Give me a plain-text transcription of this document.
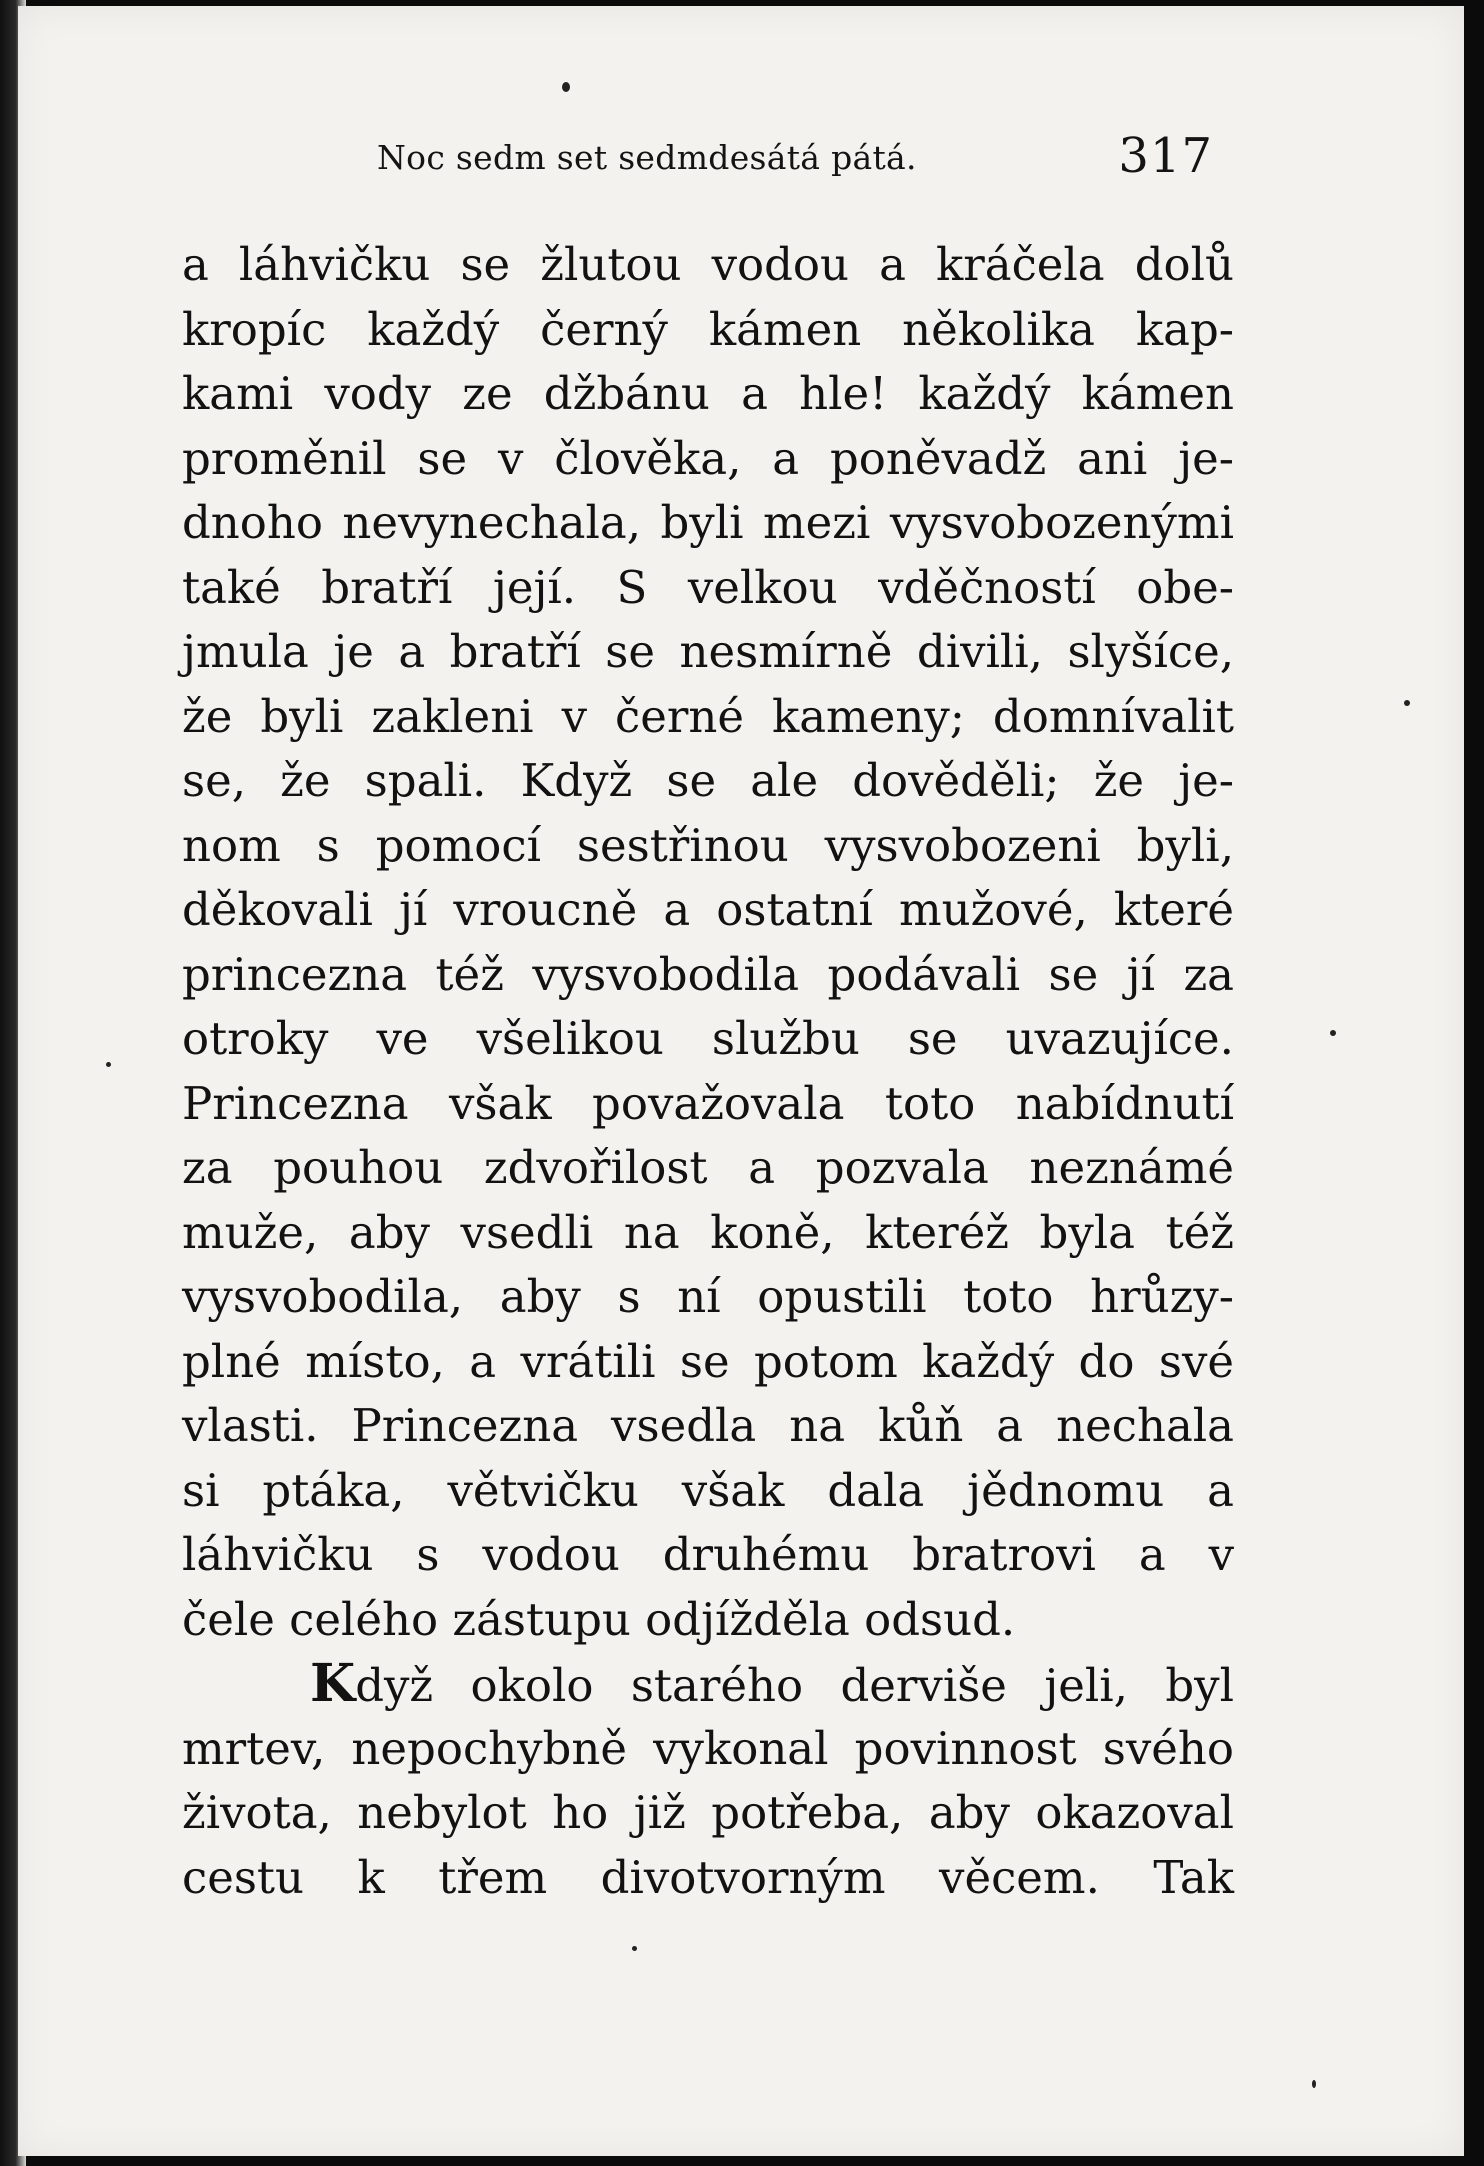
Noc sedm set sedmdesátá pátá.	317
a láhvičku se žlutou vodou a kráčela dolů
kropíc každý černý kámen několika kap-
kami vody ze džbánu a hle! každý kámen
proměnil se v člověka, a poněvadž ani je-
dnoho nevynechala, byli mezi vysvobozenými
také bratří její. S velkou vděčností obe-
jmula je a bratří se nesmírně divili, slyšíce,
že byli zakleni v černé kameny; domnívalit
se, že spali. Když se ale dověděli; že je-
nom s pomocí sestřinou vysvobozeni byli,
děkovali jí vroucně a ostatní mužové, které
princezna též vysvobodila podávali se jí za
otroky ve všelikou službu se uvazujíce.
Princezna však považovala toto nabídnutí
za pouhou zdvořilost a pozvala neznámé
muže, aby vsedli na koně, kteréž byla též
vysvobodila, aby s ní opustili toto hrůzy-
plné místo, a vrátili se potom každý do své
vlasti. Princezna vsedla na kůň a nechala
si ptáka, větvičku však dala jědnomu a
láhvičku s vodou druhému bratrovi a v
čele celého zástupu odjížděla odsud.
Když okolo starého derviše jeli, byl
mrtev, nepochybně vykonal povinnost svého
života, nebylot ho již potřeba, aby okazoval
cestu k třem divotvorným věcem. Tak
